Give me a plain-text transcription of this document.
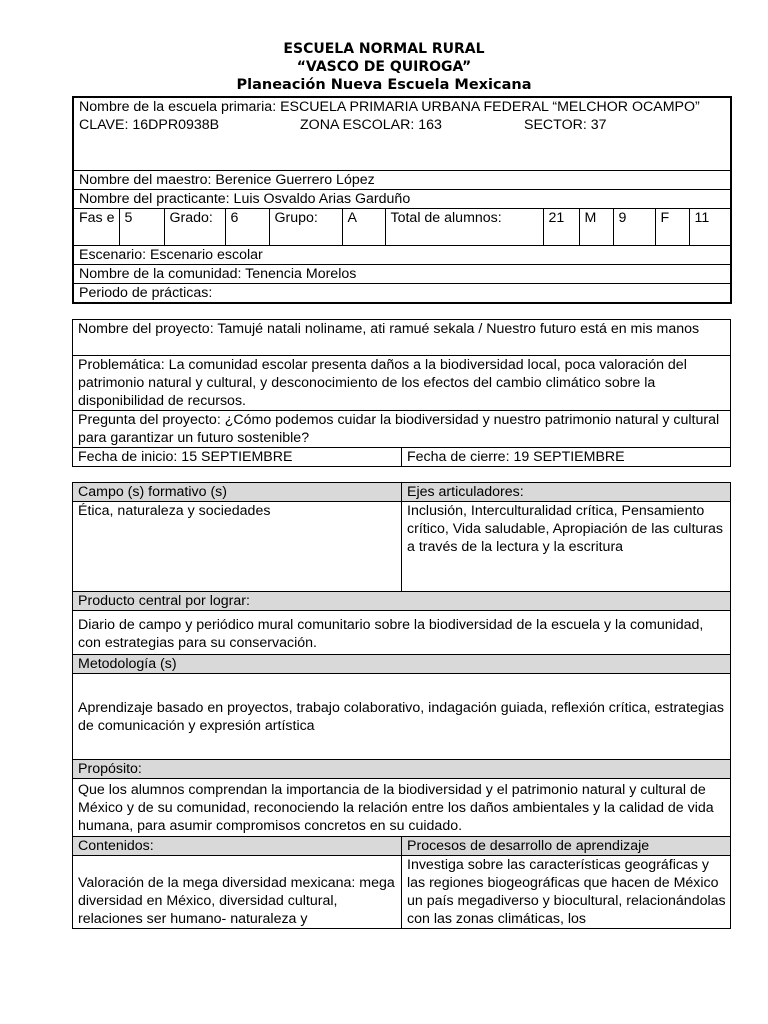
ESCUELA NORMAL RURAL
“VASCO DE QUIROGA”
Planeación Nueva Escuela Mexicana
Nombre de la escuela primaria: ESCUELA PRIMARIA URBANA FEDERAL “MELCHOR OCAMPO”
CLAVE: 16DPR0938B	ZONA ESCOLAR: 163	SECTOR: 37

Nombre del maestro: Berenice Guerrero López
Nombre del practicante: Luis Osvaldo Arias Garduño
Fas e	5	Grado:	6	Grupo:	A	Total de alumnos:	21	M	9	F	11
Escenario: Escenario escolar
Nombre de la comunidad: Tenencia Morelos
Periodo de prácticas:
Nombre del proyecto: Tamujé natali noliname, ati ramué sekala / Nuestro futuro está en mis manos
Problemática: La comunidad escolar presenta daños a la biodiversidad local, poca valoración del patrimonio natural y cultural, y desconocimiento de los efectos del cambio climático sobre la disponibilidad de recursos.
Pregunta del proyecto: ¿Cómo podemos cuidar la biodiversidad y nuestro patrimonio natural y cultural para garantizar un futuro sostenible?
Fecha de inicio: 15 SEPTIEMBRE	Fecha de cierre: 19 SEPTIEMBRE
Campo (s) formativo (s)	Ejes articuladores:
Ética, naturaleza y sociedades	Inclusión, Interculturalidad crítica, Pensamiento crítico, Vida saludable, Apropiación de las culturas a través de la lectura y la escritura
Producto central por lograr:	
Diario de campo y periódico mural comunitario sobre la biodiversidad de la escuela y la comunidad, con estrategias para su conservación.	
Metodología (s)	
Aprendizaje basado en proyectos, trabajo colaborativo, indagación guiada, reflexión crítica, estrategias de comunicación y expresión artística	
Propósito:	
Que los alumnos comprendan la importancia de la biodiversidad y el patrimonio natural y cultural de México y de su comunidad, reconociendo la relación entre los daños ambientales y la calidad de vida humana, para asumir compromisos concretos en su cuidado.	
Contenidos:	Procesos de desarrollo de aprendizaje
Valoración de la mega diversidad mexicana: mega diversidad en México, diversidad cultural, relaciones ser humano- naturaleza y	Investiga sobre las características geográficas y las regiones biogeográficas que hacen de México un país megadiverso y biocultural, relacionándolas con las zonas climáticas, los
